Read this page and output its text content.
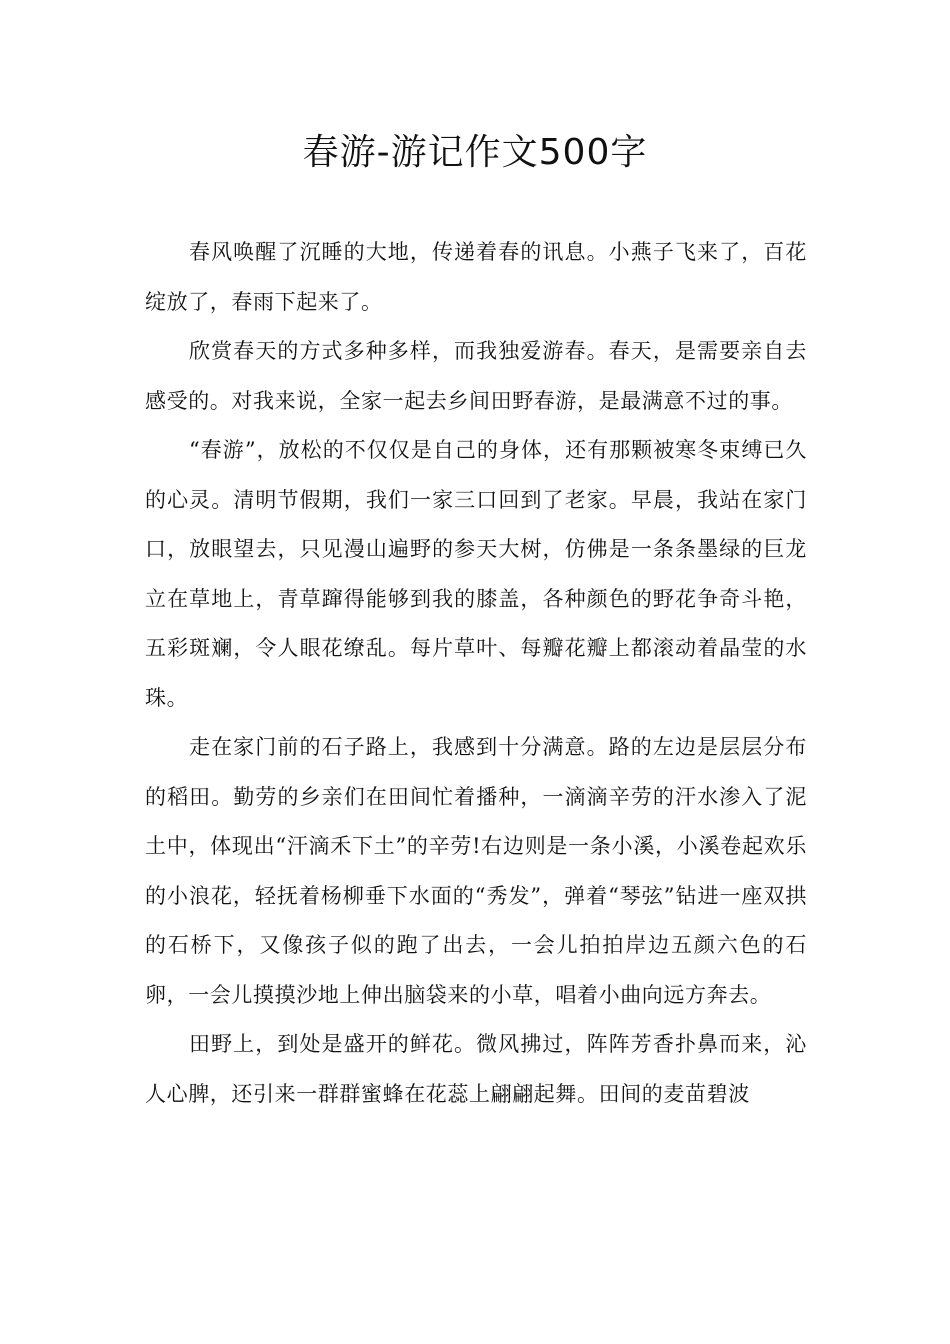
春游-游记作文500字

春风唤醒了沉睡的大地，传递着春的讯息。小燕子飞来了，百花绽放了，春雨下起来了。

欣赏春天的方式多种多样，而我独爱游春。春天，是需要亲自去感受的。对我来说，全家一起去乡间田野春游，是最满意不过的事。

“春游”，放松的不仅仅是自己的身体，还有那颗被寒冬束缚已久的心灵。清明节假期，我们一家三口回到了老家。早晨，我站在家门口，放眼望去，只见漫山遍野的参天大树，仿佛是一条条墨绿的巨龙立在草地上，青草蹿得能够到我的膝盖，各种颜色的野花争奇斗艳，五彩斑斓，令人眼花缭乱。每片草叶、每瓣花瓣上都滚动着晶莹的水珠。

走在家门前的石子路上，我感到十分满意。路的左边是层层分布的稻田。勤劳的乡亲们在田间忙着播种，一滴滴辛劳的汗水渗入了泥土中，体现出“汗滴禾下土”的辛劳!右边则是一条小溪，小溪卷起欢乐的小浪花，轻抚着杨柳垂下水面的“秀发”，弹着“琴弦”钻进一座双拱的石桥下，又像孩子似的跑了出去，一会儿拍拍岸边五颜六色的石卵，一会儿摸摸沙地上伸出脑袋来的小草，唱着小曲向远方奔去。

田野上，到处是盛开的鲜花。微风拂过，阵阵芳香扑鼻而来，沁人心脾，还引来一群群蜜蜂在花蕊上翩翩起舞。田间的麦苗碧波
